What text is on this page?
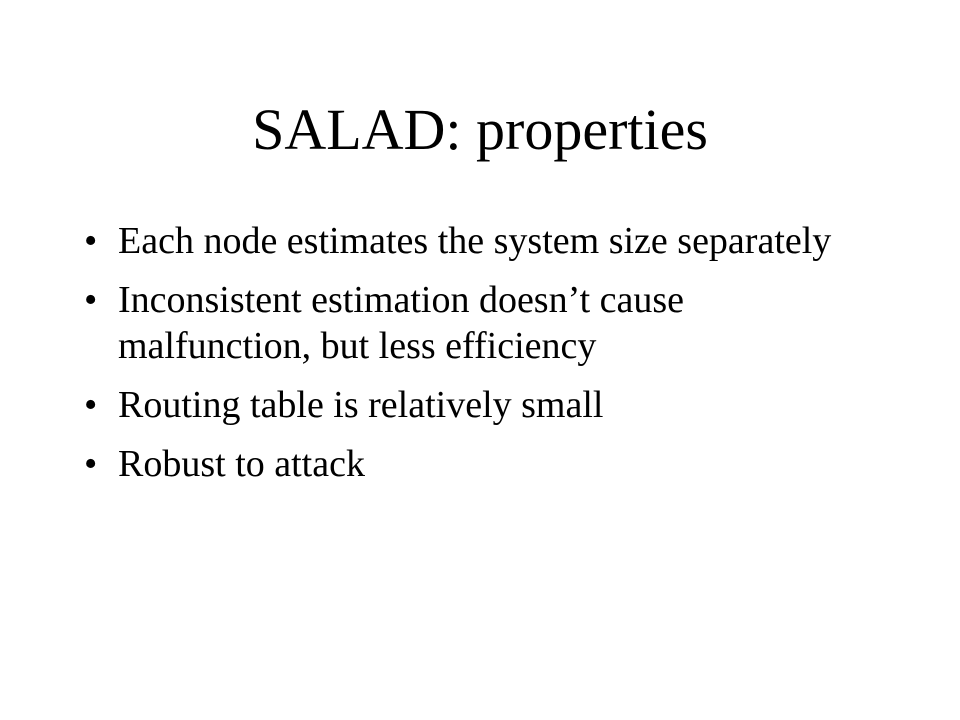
SALAD: properties
• Each node estimates the system size separately
• Inconsistent estimation doesn’t cause malfunction, but less efficiency
• Routing table is relatively small
• Robust to attack
